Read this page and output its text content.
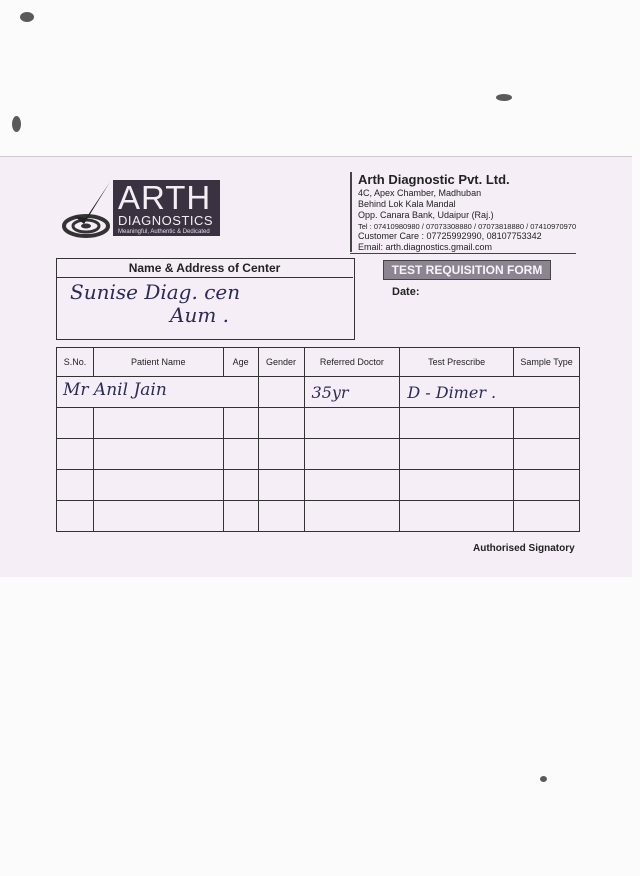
ARTH
DIAGNOSTICS
Meaningful, Authentic & Dedicated
Arth Diagnostic Pvt. Ltd.
4C, Apex Chamber, Madhuban
Behind Lok Kala Mandal
Opp. Canara Bank, Udaipur (Raj.)
Tel : 07410980980 / 07073308880 / 07073818880 / 07410970970
Customer Care : 07725992990, 08107753342
Email: arth.diagnostics.gmail.com
Name & Address of Center
Sunise Diag. cen
Aum .
TEST REQUISITION FORM
Date:
S.No.	Patient Name	Age	Gender	Referred Doctor	Test Prescribe	Sample Type

Mr Anil Jain				35yr	D - Dimer .	

Authorised Signatory
